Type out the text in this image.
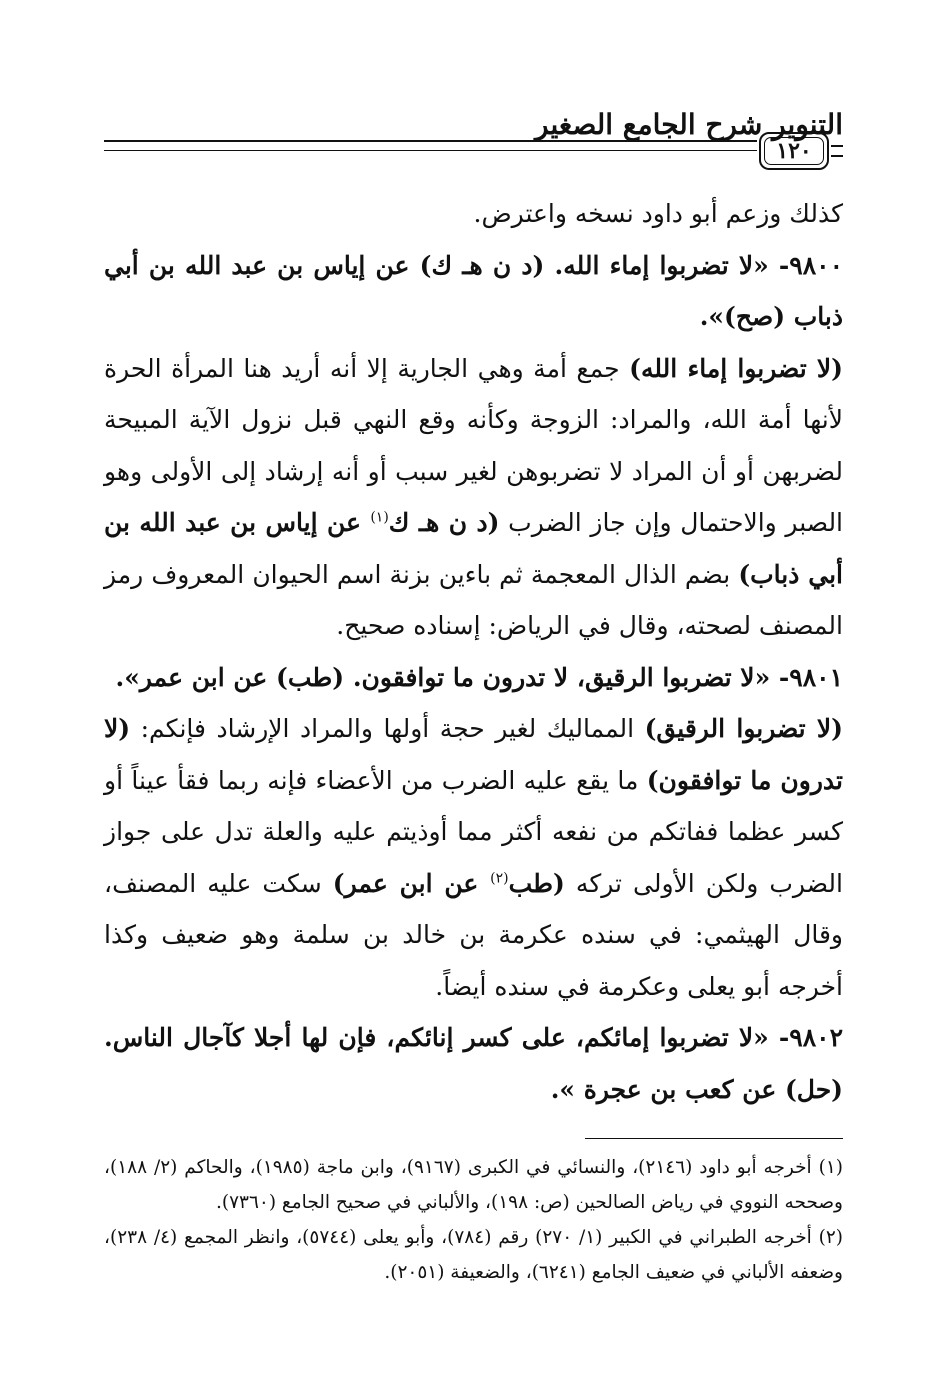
التنوير شرح الجامع الصغير
١٢٠

كذلك وزعم أبو داود نسخه واعترض.

٩٨٠٠- «لا تضربوا إماء الله. (د ن هـ ك) عن إياس بن عبد الله بن أبي ذباب (صح)».

(لا تضربوا إماء الله) جمع أمة وهي الجارية إلا أنه أريد هنا المرأة الحرة لأنها أمة الله، والمراد: الزوجة وكأنه وقع النهي قبل نزول الآية المبيحة لضربهن أو أن المراد لا تضربوهن لغير سبب أو أنه إرشاد إلى الأولى وهو الصبر والاحتمال وإن جاز الضرب (د ن هـ ك$^{(١)}$ عن إياس بن عبد الله بن أبي ذباب) بضم الذال المعجمة ثم باءين بزنة اسم الحيوان المعروف رمز المصنف لصحته، وقال في الرياض: إسناده صحيح.

٩٨٠١- «لا تضربوا الرقيق، لا تدرون ما توافقون. (طب) عن ابن عمر».

(لا تضربوا الرقيق) المماليك لغير حجة أولها والمراد الإرشاد فإنكم: (لا تدرون ما توافقون) ما يقع عليه الضرب من الأعضاء فإنه ربما فقأ عيناً أو كسر عظما ففاتكم من نفعه أكثر مما أوذيتم عليه والعلة تدل على جواز الضرب ولكن الأولى تركه (طب$^{(٢)}$ عن ابن عمر) سكت عليه المصنف، وقال الهيثمي: في سنده عكرمة بن خالد بن سلمة وهو ضعيف وكذا أخرجه أبو يعلى وعكرمة في سنده أيضاً.

٩٨٠٢- «لا تضربوا إمائكم، على كسر إنائكم، فإن لها أجلا كآجال الناس. (حل) عن كعب بن عجرة ».

(١) أخرجه أبو داود (٢١٤٦)، والنسائي في الكبرى (٩١٦٧)، وابن ماجة (١٩٨٥)، والحاكم (٢/ ١٨٨)، وصححه النووي في رياض الصالحين (ص: ١٩٨)، والألباني في صحيح الجامع (٧٣٦٠).

(٢) أخرجه الطبراني في الكبير (١/ ٢٧٠) رقم (٧٨٤)، وأبو يعلى (٥٧٤٤)، وانظر المجمع (٤/ ٢٣٨)، وضعفه الألباني في ضعيف الجامع (٦٢٤١)، والضعيفة (٢٠٥١).
